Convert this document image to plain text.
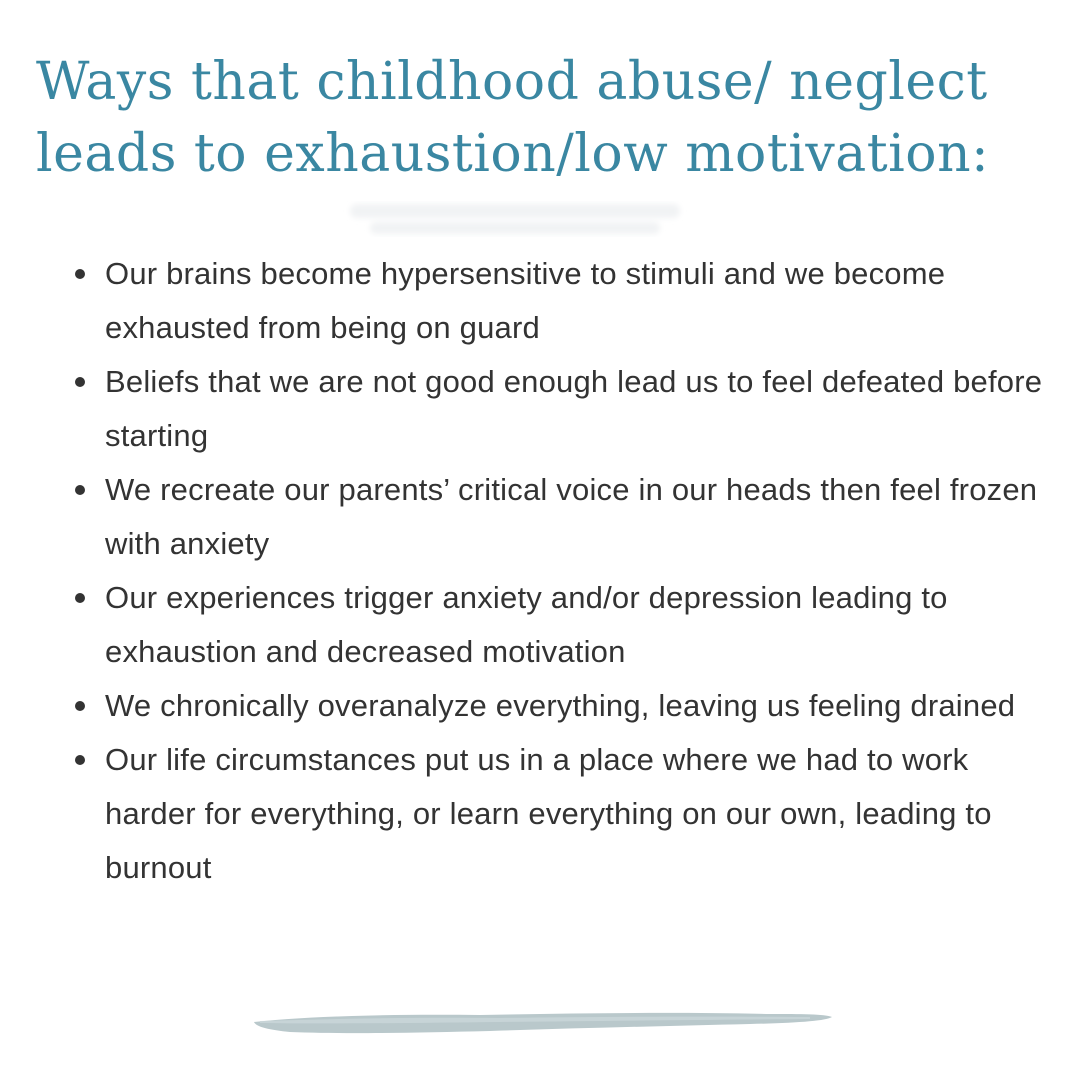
Ways that childhood abuse/ neglect
leads to exhaustion/low motivation:
Our brains become hypersensitive to stimuli and we become exhausted from being on guard
Beliefs that we are not good enough lead us to feel defeated before starting
We recreate our parents’ critical voice in our heads then feel frozen with anxiety
Our experiences trigger anxiety and/or depression leading to exhaustion and decreased motivation
We chronically overanalyze everything, leaving us feeling drained
Our life circumstances put us in a place where we had to work harder for everything, or learn everything on our own, leading to burnout
